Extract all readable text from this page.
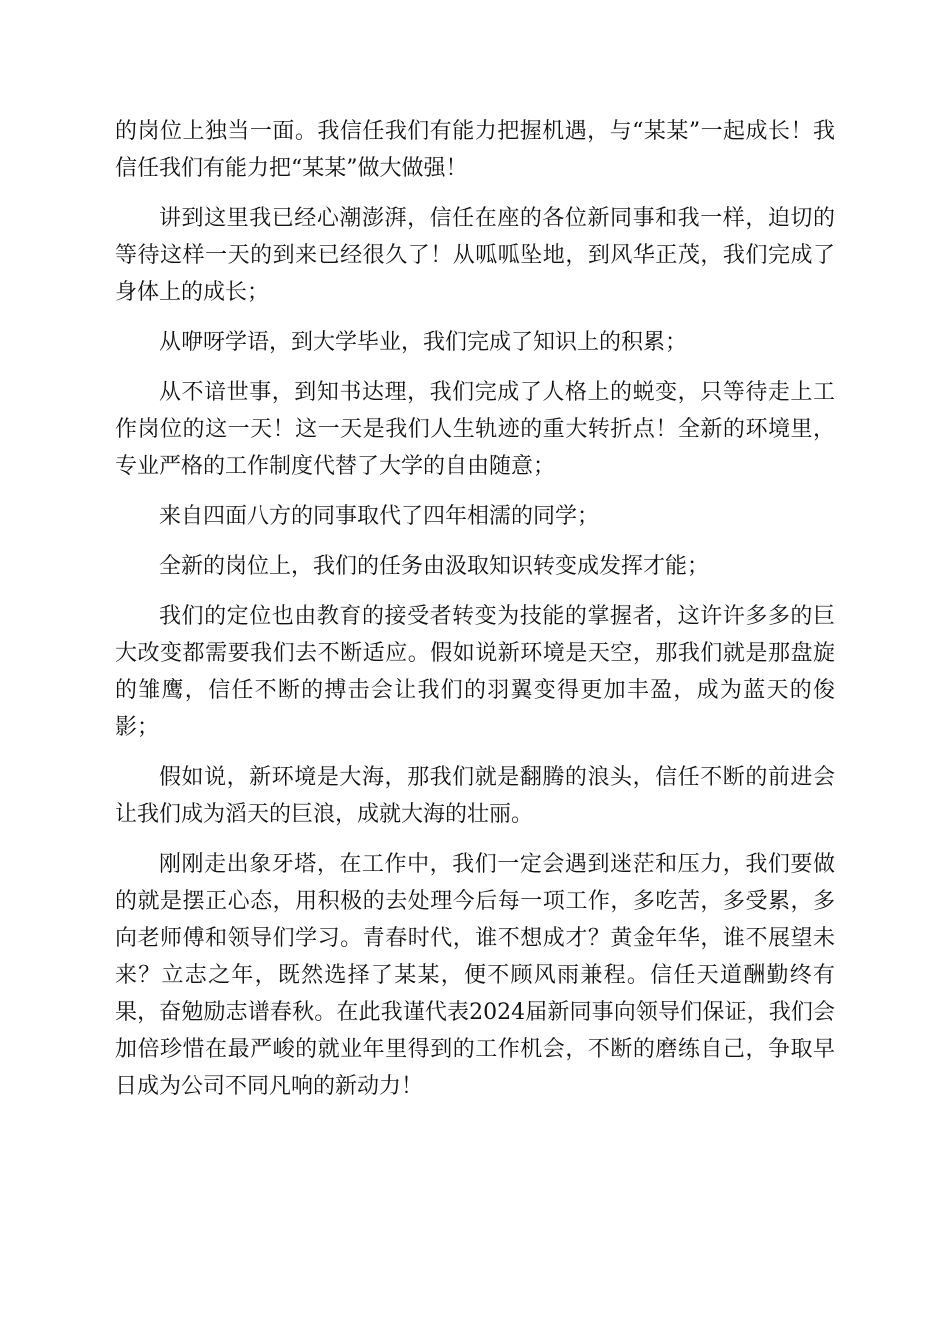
的岗位上独当一面。我信任我们有能力把握机遇，与“某某”一起成长！我信任我们有能力把“某某”做大做强！

讲到这里我已经心潮澎湃，信任在座的各位新同事和我一样，迫切的等待这样一天的到来已经很久了！从呱呱坠地，到风华正茂，我们完成了身体上的成长；

从咿呀学语，到大学毕业，我们完成了知识上的积累；

从不谙世事，到知书达理，我们完成了人格上的蜕变，只等待走上工作岗位的这一天！这一天是我们人生轨迹的重大转折点！全新的环境里，专业严格的工作制度代替了大学的自由随意；

来自四面八方的同事取代了四年相濡的同学；

全新的岗位上，我们的任务由汲取知识转变成发挥才能；

我们的定位也由教育的接受者转变为技能的掌握者，这许许多多的巨大改变都需要我们去不断适应。假如说新环境是天空，那我们就是那盘旋的雏鹰，信任不断的搏击会让我们的羽翼变得更加丰盈，成为蓝天的俊影；

假如说，新环境是大海，那我们就是翻腾的浪头，信任不断的前进会让我们成为滔天的巨浪，成就大海的壮丽。

刚刚走出象牙塔，在工作中，我们一定会遇到迷茫和压力，我们要做的就是摆正心态，用积极的去处理今后每一项工作，多吃苦，多受累，多向老师傅和领导们学习。青春时代，谁不想成才？黄金年华，谁不展望未来？立志之年，既然选择了某某，便不顾风雨兼程。信任天道酬勤终有果，奋勉励志谱春秋。在此我谨代表2024届新同事向领导们保证，我们会加倍珍惜在最严峻的就业年里得到的工作机会，不断的磨练自己，争取早日成为公司不同凡响的新动力！
